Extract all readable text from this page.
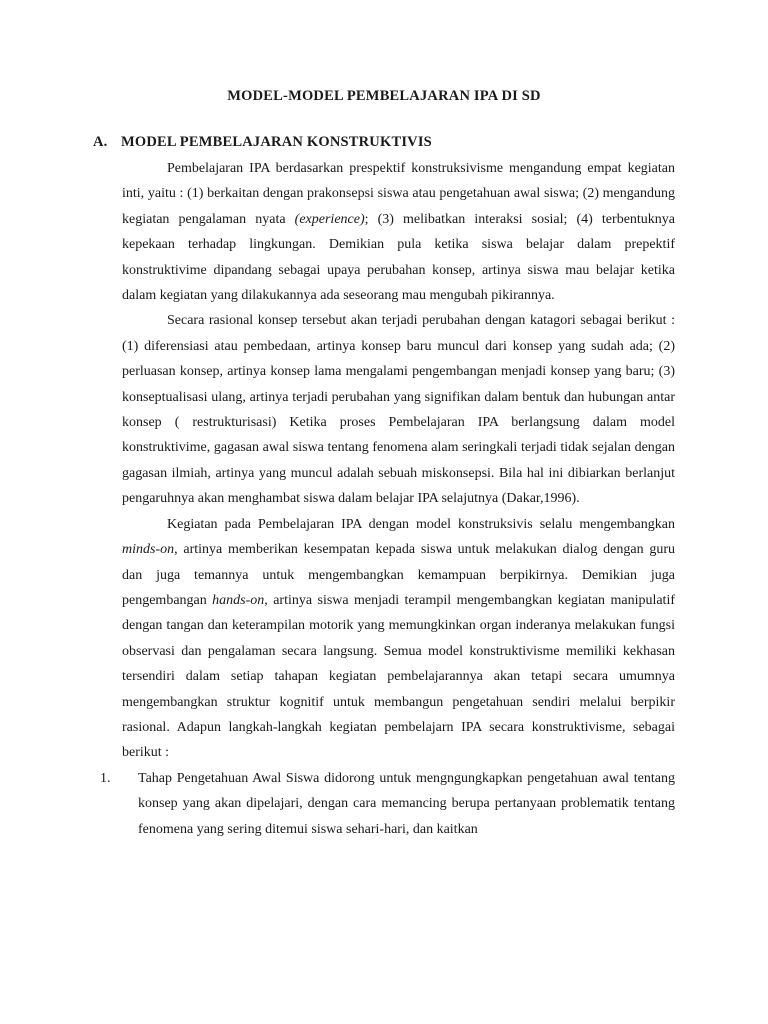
MODEL-MODEL PEMBELAJARAN IPA DI SD
A. MODEL PEMBELAJARAN KONSTRUKTIVIS

Pembelajaran IPA berdasarkan prespektif konstruksivisme mengandung empat kegiatan inti, yaitu : (1) berkaitan dengan prakonsepsi siswa atau pengetahuan awal siswa; (2) mengandung kegiatan pengalaman nyata (experience); (3) melibatkan interaksi sosial; (4) terbentuknya kepekaan terhadap lingkungan. Demikian pula ketika siswa belajar dalam prepektif konstruktivime dipandang sebagai upaya perubahan konsep, artinya siswa mau belajar ketika dalam kegiatan yang dilakukannya ada seseorang mau mengubah pikirannya.

Secara rasional konsep tersebut akan terjadi perubahan dengan katagori sebagai berikut : (1) diferensiasi atau pembedaan, artinya konsep baru muncul dari konsep yang sudah ada; (2) perluasan konsep, artinya konsep lama mengalami pengembangan menjadi konsep yang baru; (3) konseptualisasi ulang, artinya terjadi perubahan yang signifikan dalam bentuk dan hubungan antar konsep ( restrukturisasi) Ketika proses Pembelajaran IPA berlangsung dalam model konstruktivime, gagasan awal siswa tentang fenomena alam seringkali terjadi tidak sejalan dengan gagasan ilmiah, artinya yang muncul adalah sebuah miskonsepsi. Bila hal ini dibiarkan berlanjut pengaruhnya akan menghambat siswa dalam belajar IPA selajutnya (Dakar,1996).

Kegiatan pada Pembelajaran IPA dengan model konstruksivis selalu mengembangkan minds-on, artinya memberikan kesempatan kepada siswa untuk melakukan dialog dengan guru dan juga temannya untuk mengembangkan kemampuan berpikirnya. Demikian juga pengembangan hands-on, artinya siswa menjadi terampil mengembangkan kegiatan manipulatif dengan tangan dan keterampilan motorik yang memungkinkan organ inderanya melakukan fungsi observasi dan pengalaman secara langsung. Semua model konstruktivisme memiliki kekhasan tersendiri dalam setiap tahapan kegiatan pembelajarannya akan tetapi secara umumnya mengembangkan struktur kognitif untuk membangun pengetahuan sendiri melalui berpikir rasional. Adapun langkah-langkah kegiatan pembelajarn IPA secara konstruktivisme, sebagai berikut :

1. Tahap Pengetahuan Awal Siswa didorong untuk mengngungkapkan pengetahuan awal tentang konsep yang akan dipelajari, dengan cara memancing berupa pertanyaan problematik tentang fenomena yang sering ditemui siswa sehari-hari, dan kaitkan
